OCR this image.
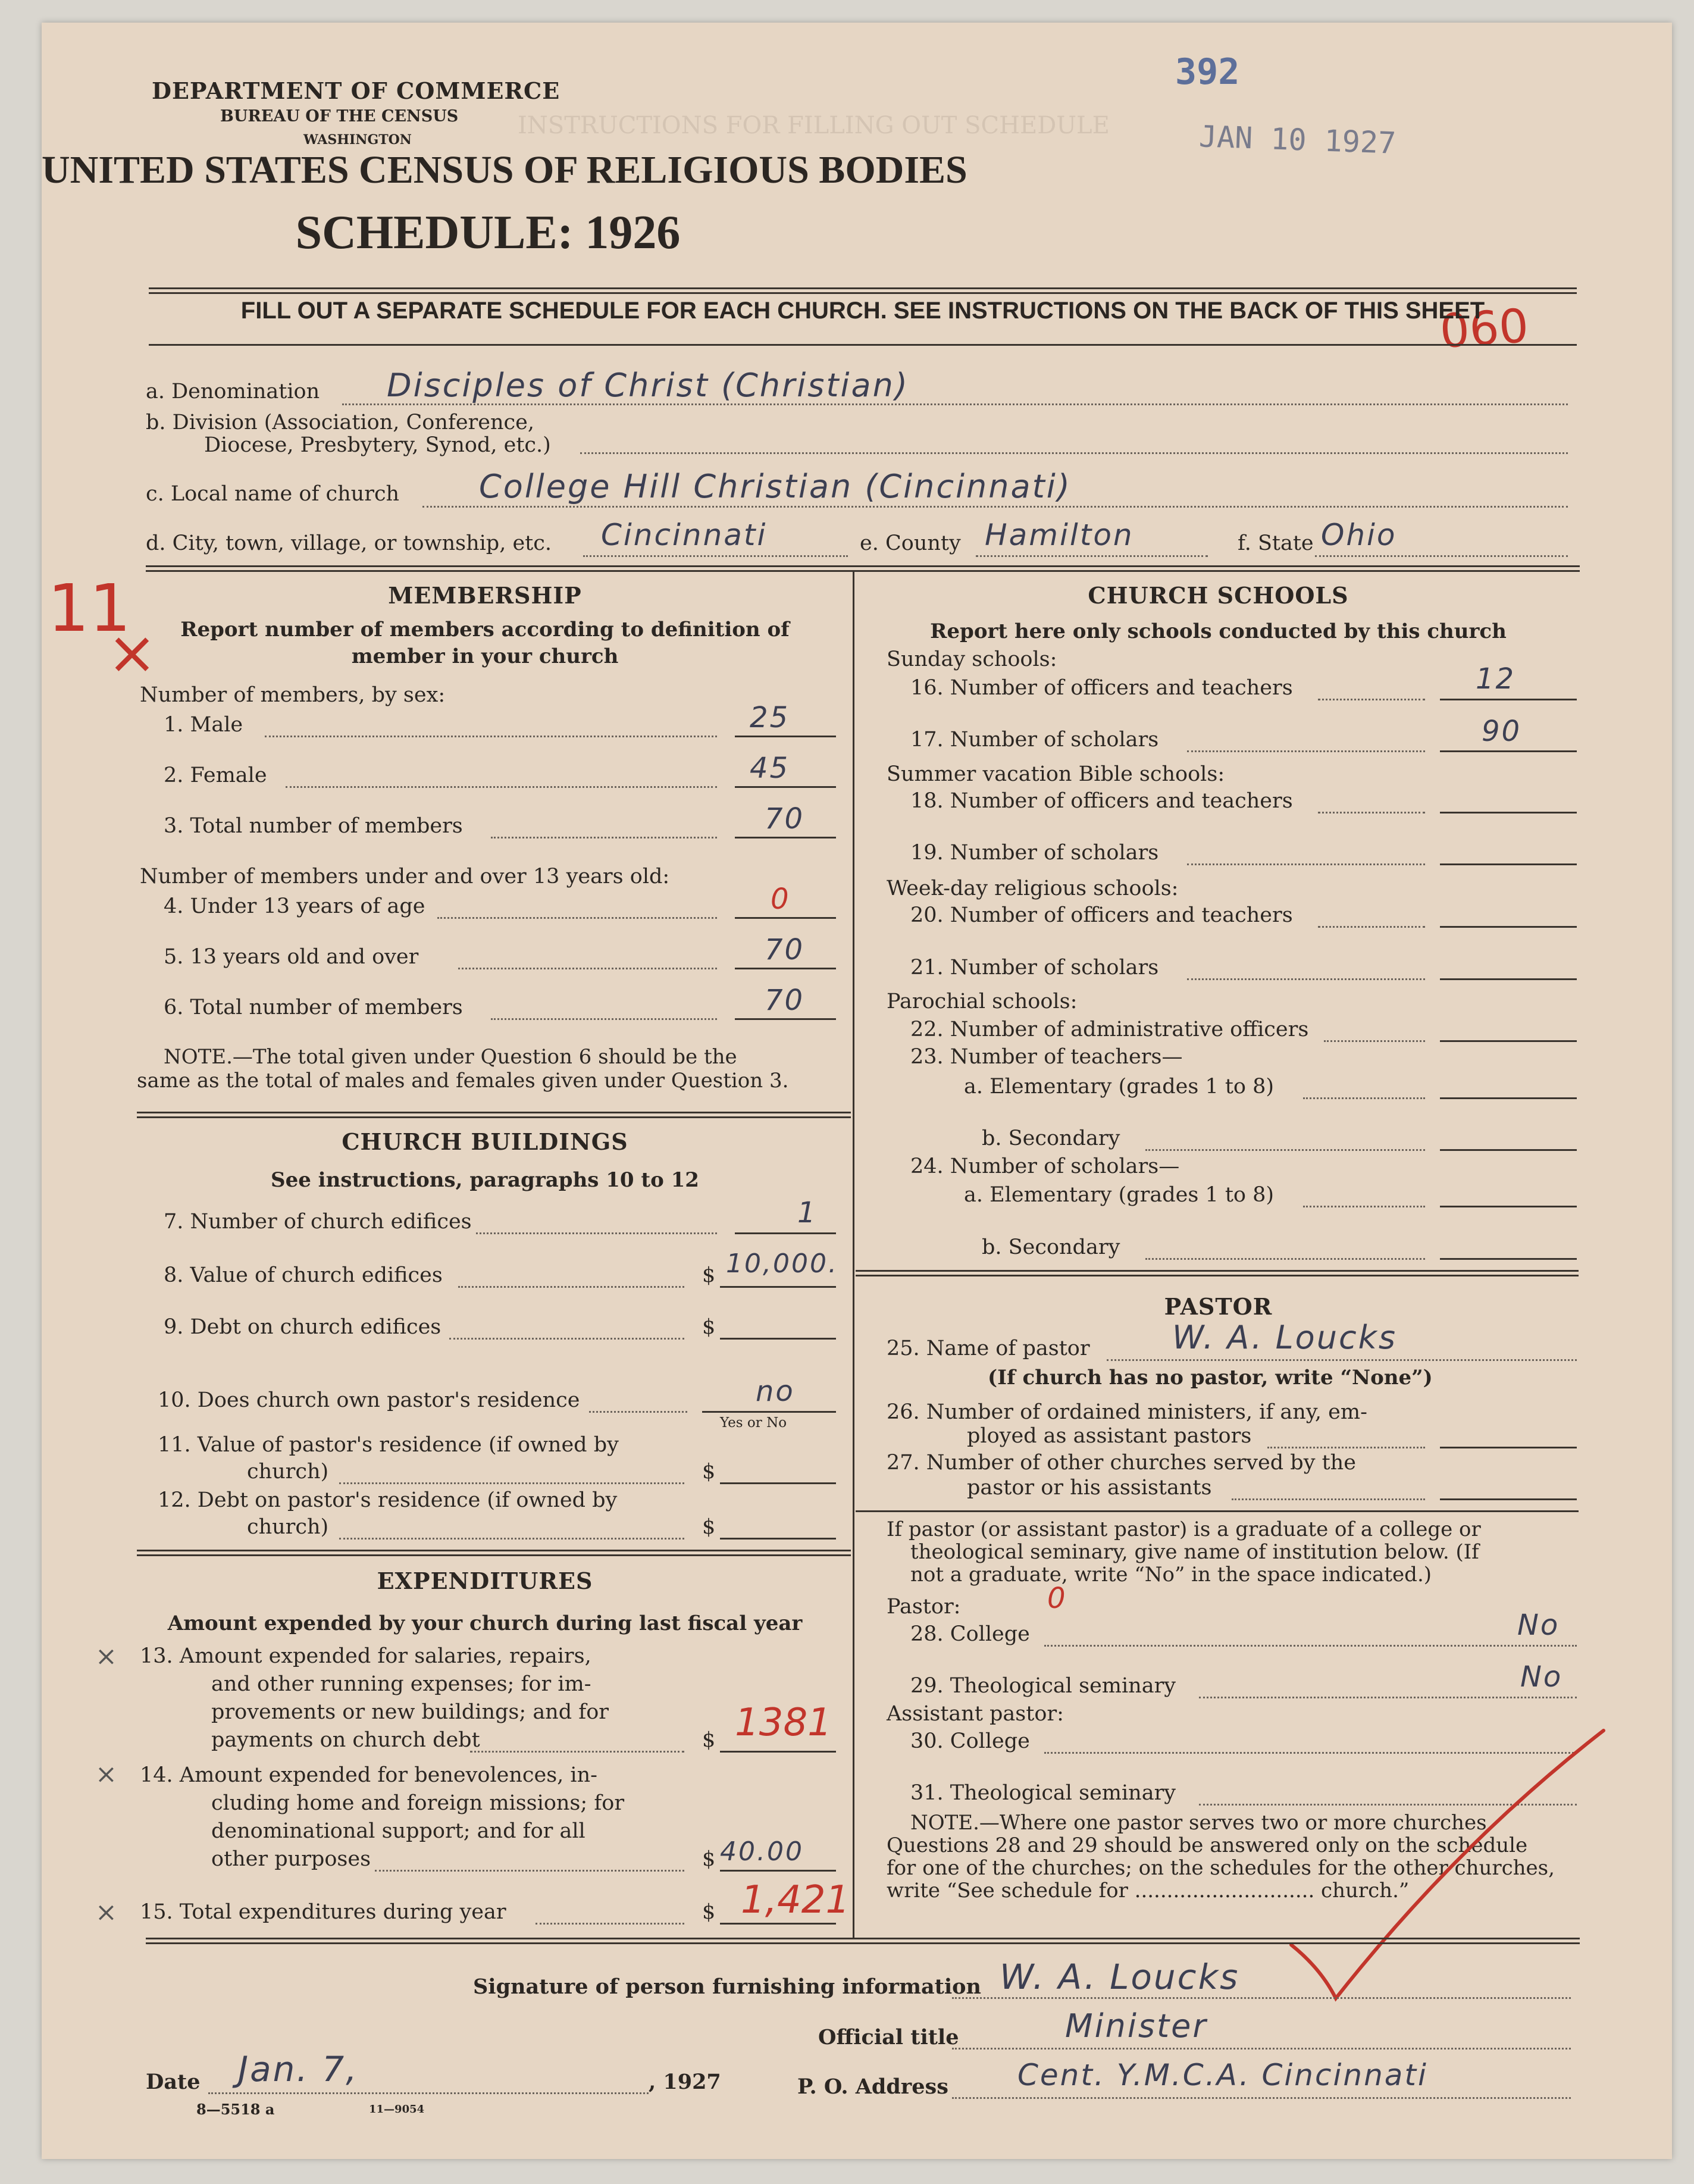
INSTRUCTIONS FOR FILLING OUT SCHEDULE
DEPARTMENT OF COMMERCE
BUREAU OF THE CENSUS
WASHINGTON
392
JAN 10 1927
060
UNITED STATES CENSUS OF RELIGIOUS BODIES
SCHEDULE: 1926
FILL OUT A SEPARATE SCHEDULE FOR EACH CHURCH. SEE INSTRUCTIONS ON THE BACK OF THIS SHEET
a. Denomination Disciples of Christ (Christian)
b. Division (Association, Conference,
Diocese, Presbytery, Synod, etc.)
c. Local name of church College Hill Christian (Cincinnati)
d. City, town, village, or township, etc. Cincinnati	e. County Hamilton	f. State Ohio
11
×
MEMBERSHIP
Report number of members according to definition of
member in your church
Number of members, by sex:
1. Male	25
2. Female	45
3. Total number of members	70
Number of members under and over 13 years old:
4. Under 13 years of age	0
5. 13 years old and over	70
6. Total number of members	70
NOTE.—The total given under Question 6 should be the
same as the total of males and females given under Question 3.
CHURCH BUILDINGS
See instructions, paragraphs 10 to 12
7. Number of church edifices	1
8. Value of church edifices	$ 10,000.
9. Debt on church edifices	$
10. Does church own pastor's residence	no
Yes or No
11. Value of pastor's residence (if owned by
church)	$
12. Debt on pastor's residence (if owned by
church)	$
EXPENDITURES
Amount expended by your church during last fiscal year
× 13. Amount expended for salaries, repairs,
and other running expenses; for im-
provements or new buildings; and for
payments on church debt	$ 1381
× 14. Amount expended for benevolences, in-
cluding home and foreign missions; for
denominational support; and for all
other purposes	$ 40.00
× 15. Total expenditures during year	$ 1,421
CHURCH SCHOOLS
Report here only schools conducted by this church
Sunday schools:
16. Number of officers and teachers	12
17. Number of scholars	90
Summer vacation Bible schools:
18. Number of officers and teachers
19. Number of scholars
Week-day religious schools:
20. Number of officers and teachers
21. Number of scholars
Parochial schools:
22. Number of administrative officers
23. Number of teachers—
a. Elementary (grades 1 to 8)
b. Secondary
24. Number of scholars—
a. Elementary (grades 1 to 8)
b. Secondary
PASTOR
25. Name of pastor	W. A. Loucks
(If church has no pastor, write “None”)
26. Number of ordained ministers, if any, em-
ployed as assistant pastors
27. Number of other churches served by the
pastor or his assistants
If pastor (or assistant pastor) is a graduate of a college or
theological seminary, give name of institution below. (If
not a graduate, write “No” in the space indicated.)
Pastor:	0
28. College	No
29. Theological seminary	No
Assistant pastor:
30. College
31. Theological seminary
NOTE.—Where one pastor serves two or more churches,
Questions 28 and 29 should be answered only on the schedule
for one of the churches; on the schedules for the other churches,
write “See schedule for ............................ church.”
Signature of person furnishing information W. A. Loucks
Official title	Minister
Date Jan. 7,	, 1927	P. O. Address Cent. Y.M.C.A. Cincinnati
8—5518 a	11—9054
